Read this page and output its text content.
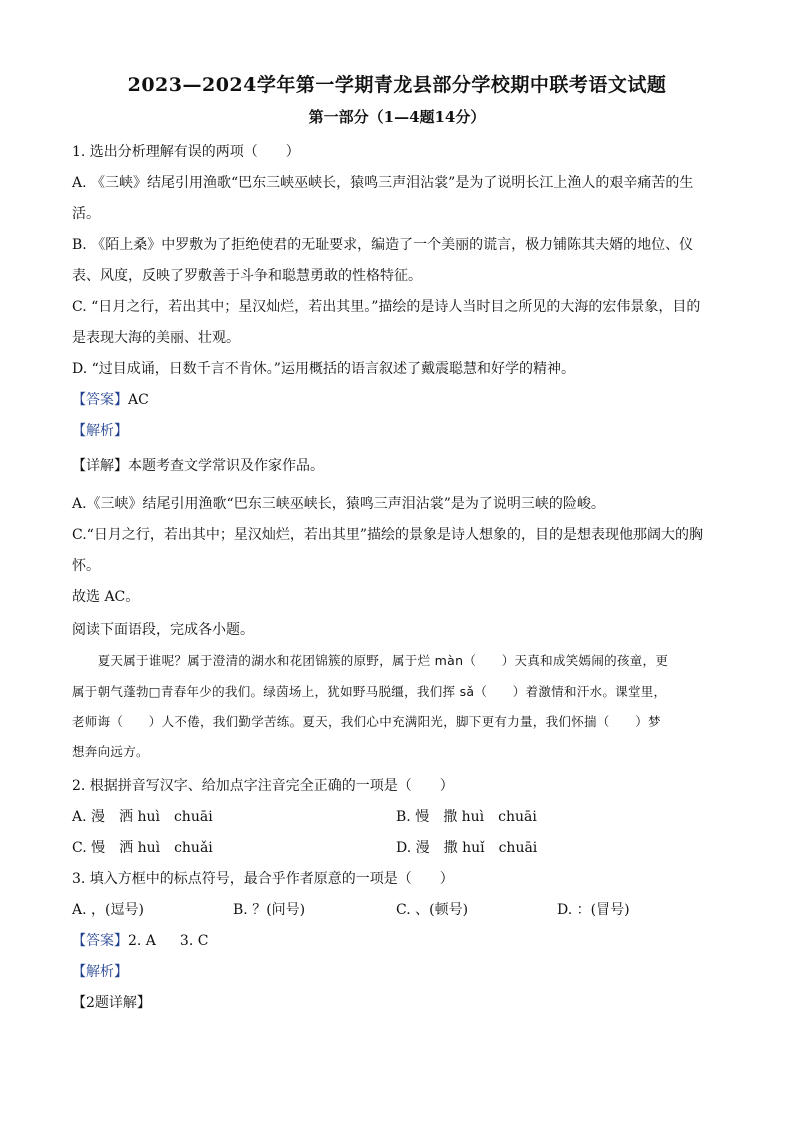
2023—2024学年第一学期青龙县部分学校期中联考语文试题
第一部分（1—4题14分）
1. 选出分析理解有误的两项（　　）
A. 《三峡》结尾引用渔歌“巴东三峡巫峡长，猿鸣三声泪沾裳”是为了说明长江上渔人的艰辛痛苦的生
活。
B. 《陌上桑》中罗敷为了拒绝使君的无耻要求，编造了一个美丽的谎言，极力铺陈其夫婿的地位、仪
表、风度，反映了罗敷善于斗争和聪慧勇敢的性格特征。
C. “日月之行，若出其中；星汉灿烂，若出其里。”描绘的是诗人当时目之所见的大海的宏伟景象，目的
是表现大海的美丽、壮观。
D. “过目成诵，日数千言不肯休。”运用概括的语言叙述了戴震聪慧和好学的精神。
【答案】AC
【解析】
【详解】本题考查文学常识及作家作品。
A.《三峡》结尾引用渔歌“巴东三峡巫峡长，猿鸣三声泪沾裳”是为了说明三峡的险峻。
C.“日月之行，若出其中；星汉灿烂，若出其里”描绘的景象是诗人想象的，目的是想表现他那阔大的胸
怀。
故选 AC。
阅读下面语段，完成各小题。
　　夏天属于谁呢？属于澄清的湖水和花团锦簇的原野，属于烂 màn（　　）天真和成笑嫣闹的孩童，更
属于朝气蓬勃□青春年少的我们。绿茵场上，犹如野马脱缰，我们挥 sǎ（　　）着激情和汗水。课堂里，
老师诲（　　）人不倦，我们勤学苦练。夏天，我们心中充满阳光，脚下更有力量，我们怀揣（　　）梦
想奔向远方。
2. 根据拼音写汉字、给加点字注音完全正确的一项是（　　）
A. 漫　洒 huì　chuāi	B. 慢　撒 huì　chuāi
C. 慢　洒 huì　chuǎi	D. 漫　撒 huǐ　chuāi
3. 填入方框中的标点符号，最合乎作者原意的一项是（　　）
A. ，(逗号)	B. ？(问号)	C. 、(顿号)	D. ：(冒号)
【答案】2. A 3. C
【解析】
【2题详解】
